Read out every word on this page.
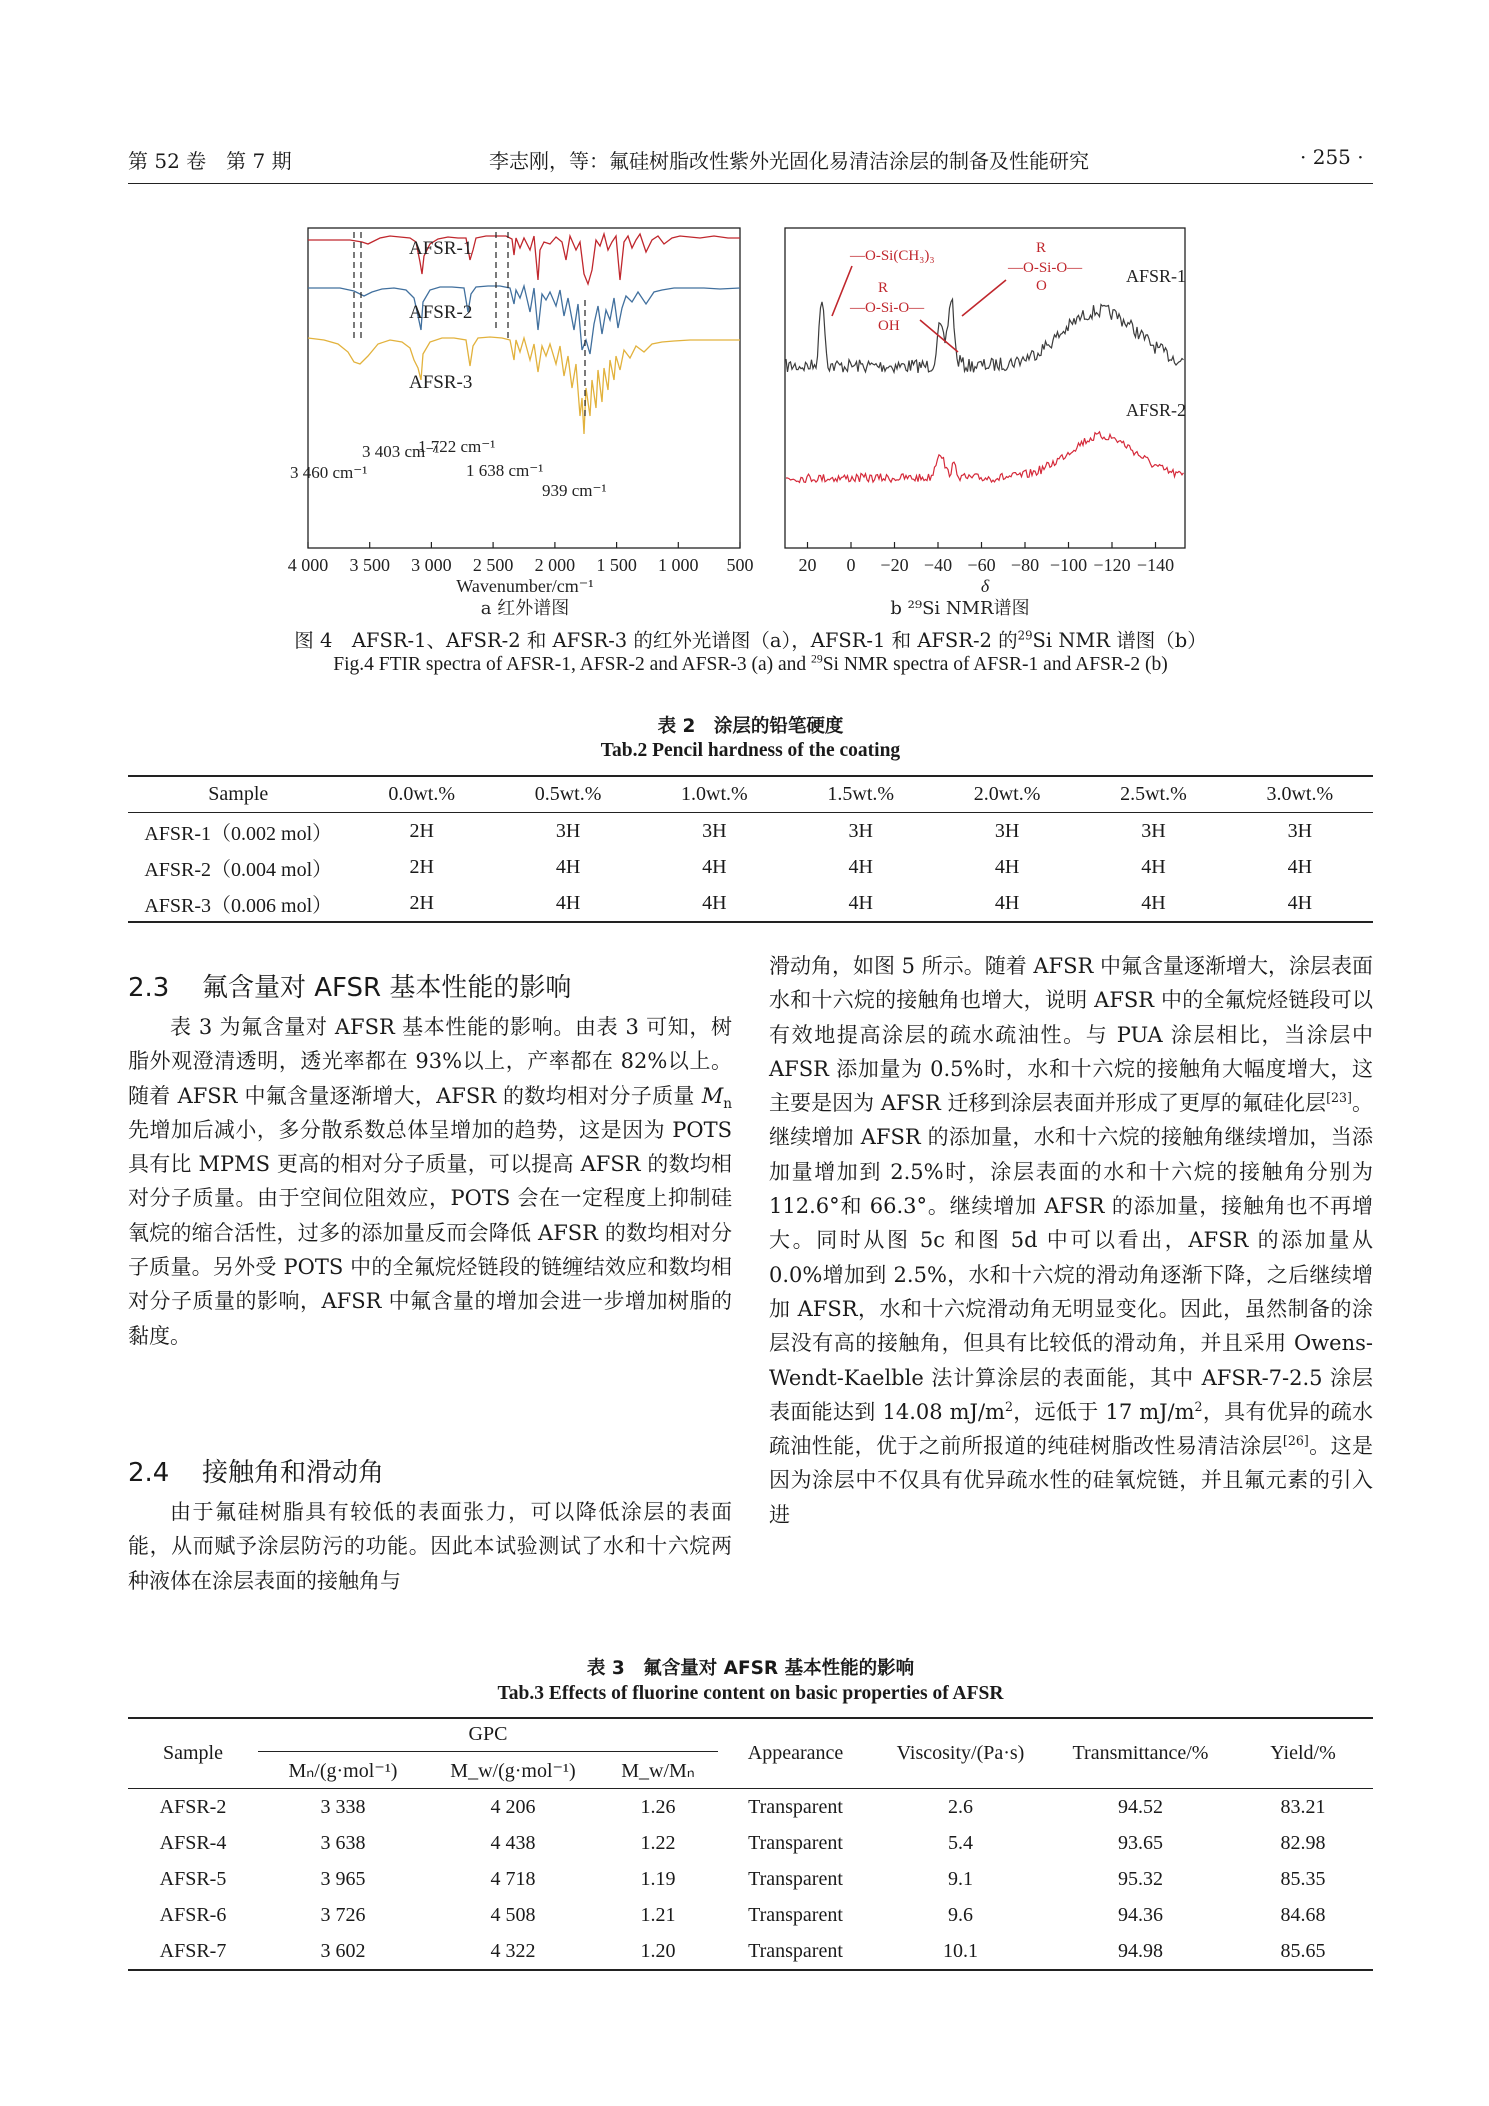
第 52 卷　第 7 期	李志刚，等：氟硅树脂改性紫外光固化易清洁涂层的制备及性能研究	· 255 ·
AFSR-1
AFSR-2
AFSR-3
3 403 cm⁻¹
3 460 cm⁻¹
1 722 cm⁻¹
1 638 cm⁻¹
939 cm⁻¹
4 000 3 500 3 000 2 500 2 000 1 500 1 000 500
Wavenumber/cm⁻¹
a 红外谱图
—O-Si(CH₃)₃
—O-Si-O—
R
OH
—O-Si-O—
R
O	AFSR-1
AFSR-2
20 0 −20 −40 −60 −80 −100 −120 −140
δ
b ²⁹Si NMR谱图
图 4　AFSR-1、AFSR-2 和 AFSR-3 的红外光谱图（a），AFSR-1 和 AFSR-2 的$^{29}$Si NMR 谱图（b）
Fig.4 FTIR spectra of AFSR-1, AFSR-2 and AFSR-3 (a) and $^{29}$Si NMR spectra of AFSR-1 and AFSR-2 (b)
表 2　涂层的铅笔硬度
Tab.2 Pencil hardness of the coating
Sample	0.0wt.%	0.5wt.%	1.0wt.%	1.5wt.%	2.0wt.%	2.5wt.%	3.0wt.%
AFSR-1（0.002 mol）	2H	3H	3H	3H	3H	3H	3H
AFSR-2（0.004 mol）	2H	4H	4H	4H	4H	4H	4H
AFSR-3（0.006 mol）	2H	4H	4H	4H	4H	4H	4H
2.3 氟含量对 AFSR 基本性能的影响

表 3 为氟含量对 AFSR 基本性能的影响。由表 3 可知，树脂外观澄清透明，透光率都在 93%以上，产率都在 82%以上。随着 AFSR 中氟含量逐渐增大，AFSR 的数均相对分子质量 $M_n$ 先增加后减小，多分散系数总体呈增加的趋势，这是因为 POTS 具有比 MPMS 更高的相对分子质量，可以提高 AFSR 的数均相对分子质量。由于空间位阻效应，POTS 会在一定程度上抑制硅氧烷的缩合活性，过多的添加量反而会降低 AFSR 的数均相对分子质量。另外受 POTS 中的全氟烷烃链段的链缠结效应和数均相对分子质量的影响，AFSR 中氟含量的增加会进一步增加树脂的黏度。

2.4 接触角和滑动角

由于氟硅树脂具有较低的表面张力，可以降低涂层的表面能，从而赋予涂层防污的功能。因此本试验测试了水和十六烷两种液体在涂层表面的接触角与

滑动角，如图 5 所示。随着 AFSR 中氟含量逐渐增大，涂层表面水和十六烷的接触角也增大，说明 AFSR 中的全氟烷烃链段可以有效地提高涂层的疏水疏油性。与 PUA 涂层相比，当涂层中 AFSR 添加量为 0.5%时，水和十六烷的接触角大幅度增大，这主要是因为 AFSR 迁移到涂层表面并形成了更厚的氟硅化层[23]。继续增加 AFSR 的添加量，水和十六烷的接触角继续增加，当添加量增加到 2.5%时，涂层表面的水和十六烷的接触角分别为 112.6°和 66.3°。继续增加 AFSR 的添加量，接触角也不再增大。同时从图 5c 和图 5d 中可以看出，AFSR 的添加量从 0.0%增加到 2.5%，水和十六烷的滑动角逐渐下降，之后继续增加 AFSR，水和十六烷滑动角无明显变化。因此，虽然制备的涂层没有高的接触角，但具有比较低的滑动角，并且采用 Owens-Wendt-Kaelble 法计算涂层的表面能，其中 AFSR-7-2.5 涂层表面能达到 14.08 $mJ/m^2$，远低于 17 $mJ/m^2$，具有优异的疏水疏油性能，优于之前所报道的纯硅树脂改性易清洁涂层[26]。这是因为涂层中不仅具有优异疏水性的硅氧烷链，并且氟元素的引入进

表 3　氟含量对 AFSR 基本性能的影响
Tab.3 Effects of fluorine content on basic properties of AFSR
Sample	GPC			Appearance	Viscosity/(Pa·s)	Transmittance/%	Yield/%
	Mₙ/(g·mol⁻¹)	M_w/(g·mol⁻¹)	M_w/Mₙ				
AFSR-2	3 338	4 206	1.26	Transparent	2.6	94.52	83.21
AFSR-4	3 638	4 438	1.22	Transparent	5.4	93.65	82.98
AFSR-5	3 965	4 718	1.19	Transparent	9.1	95.32	85.35
AFSR-6	3 726	4 508	1.21	Transparent	9.6	94.36	84.68
AFSR-7	3 602	4 322	1.20	Transparent	10.1	94.98	85.65
